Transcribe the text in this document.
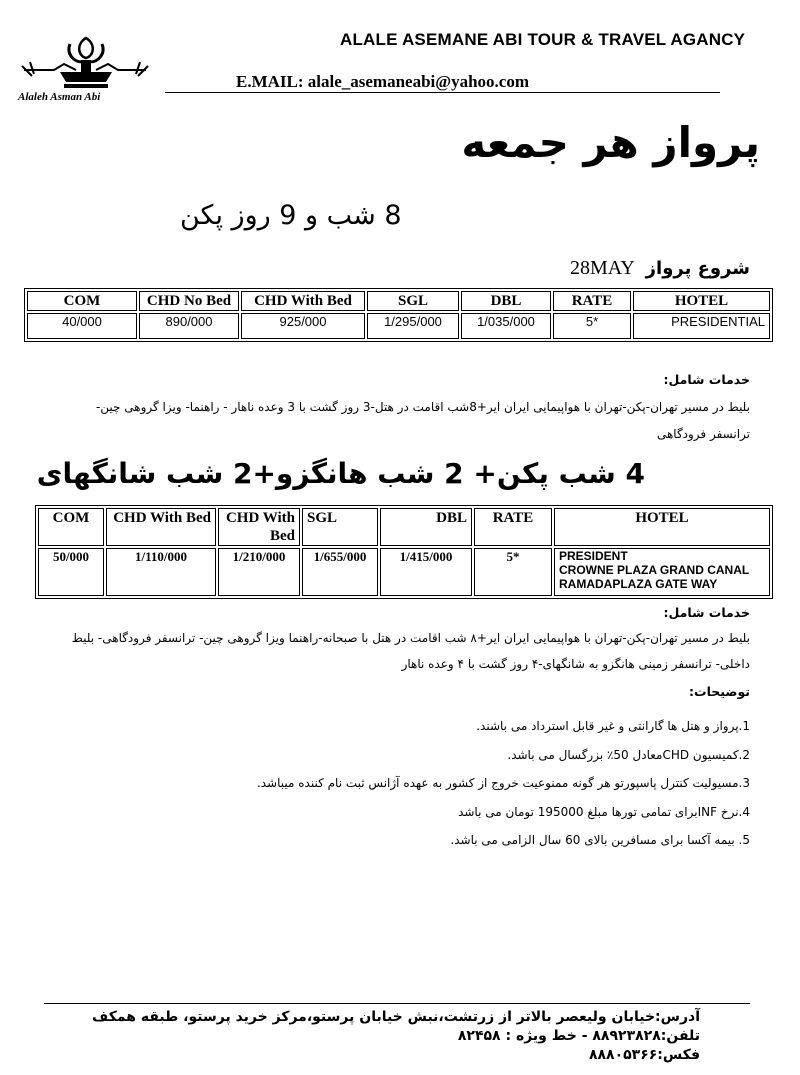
ALALE ASEMANE ABI TOUR & TRAVEL AGANCY
E.MAIL: alale_asemaneabi@yahoo.com
Alaleh Asman Abi
پرواز هر جمعه
8 شب و 9 روز پکن
شروع پرواز
28MAY
COM	CHD No Bed	CHD With Bed	SGL	DBL	RATE	HOTEL
40/000	890/000	925/000	1/295/000	1/035/000	5*	PRESIDENTIAL
خدمات شامل:
بلیط در مسیر تهران-پکن-تهران با هواپیمایی ایران ایر+8شب اقامت در هتل-3 روز گشت با 3 وعده ناهار - راهنما- ویزا گروهی چین-
ترانسفر فرودگاهی
4 شب پکن+ 2 شب هانگزو+2 شب شانگهای
COM	CHD With Bed	CHD With Bed	SGL	DBL	RATE	HOTEL
50/000	1/110/000	1/210/000	1/655/000	1/415/000	5*	PRESIDENT
CROWNE PLAZA GRAND CANAL
RAMADAPLAZA GATE WAY
خدمات شامل:
بلیط در مسیر تهران-پکن-تهران با هواپیمایی ایران ایر+۸ شب اقامت در هتل با صبحانه-راهنما ویزا گروهی چین- ترانسفر فرودگاهی- بلیط
داخلی- ترانسفر زمینی هانگزو به شانگهای-۴ روز گشت با ۴ وعده ناهار
توضیحات:
1.پرواز و هتل ها گارانتی و غیر قابل استرداد می باشند.
2.کمیسیون CHDمعادل 50٪ بزرگسال می باشد.
3.مسیولیت کنترل پاسپورتو هر گونه ممنوعیت خروج از کشور به عهده آژانس ثبت نام کننده میباشد.
4.نرخ INFبرای تمامی تورها مبلغ 195000 تومان می باشد
5. بیمه آکسا برای مسافرین بالای 60 سال الزامی می باشد.
آدرس:خیابان ولیعصر بالاتر از زرتشت،نبش خیابان پرستو،مرکز خرید پرستو، طبقه همکف
تلفن:۸۸۹۲۳۸۲۸ - خط ویژه : ۸۲۴۵۸
فکس:۸۸۸۰۵۳۶۶
